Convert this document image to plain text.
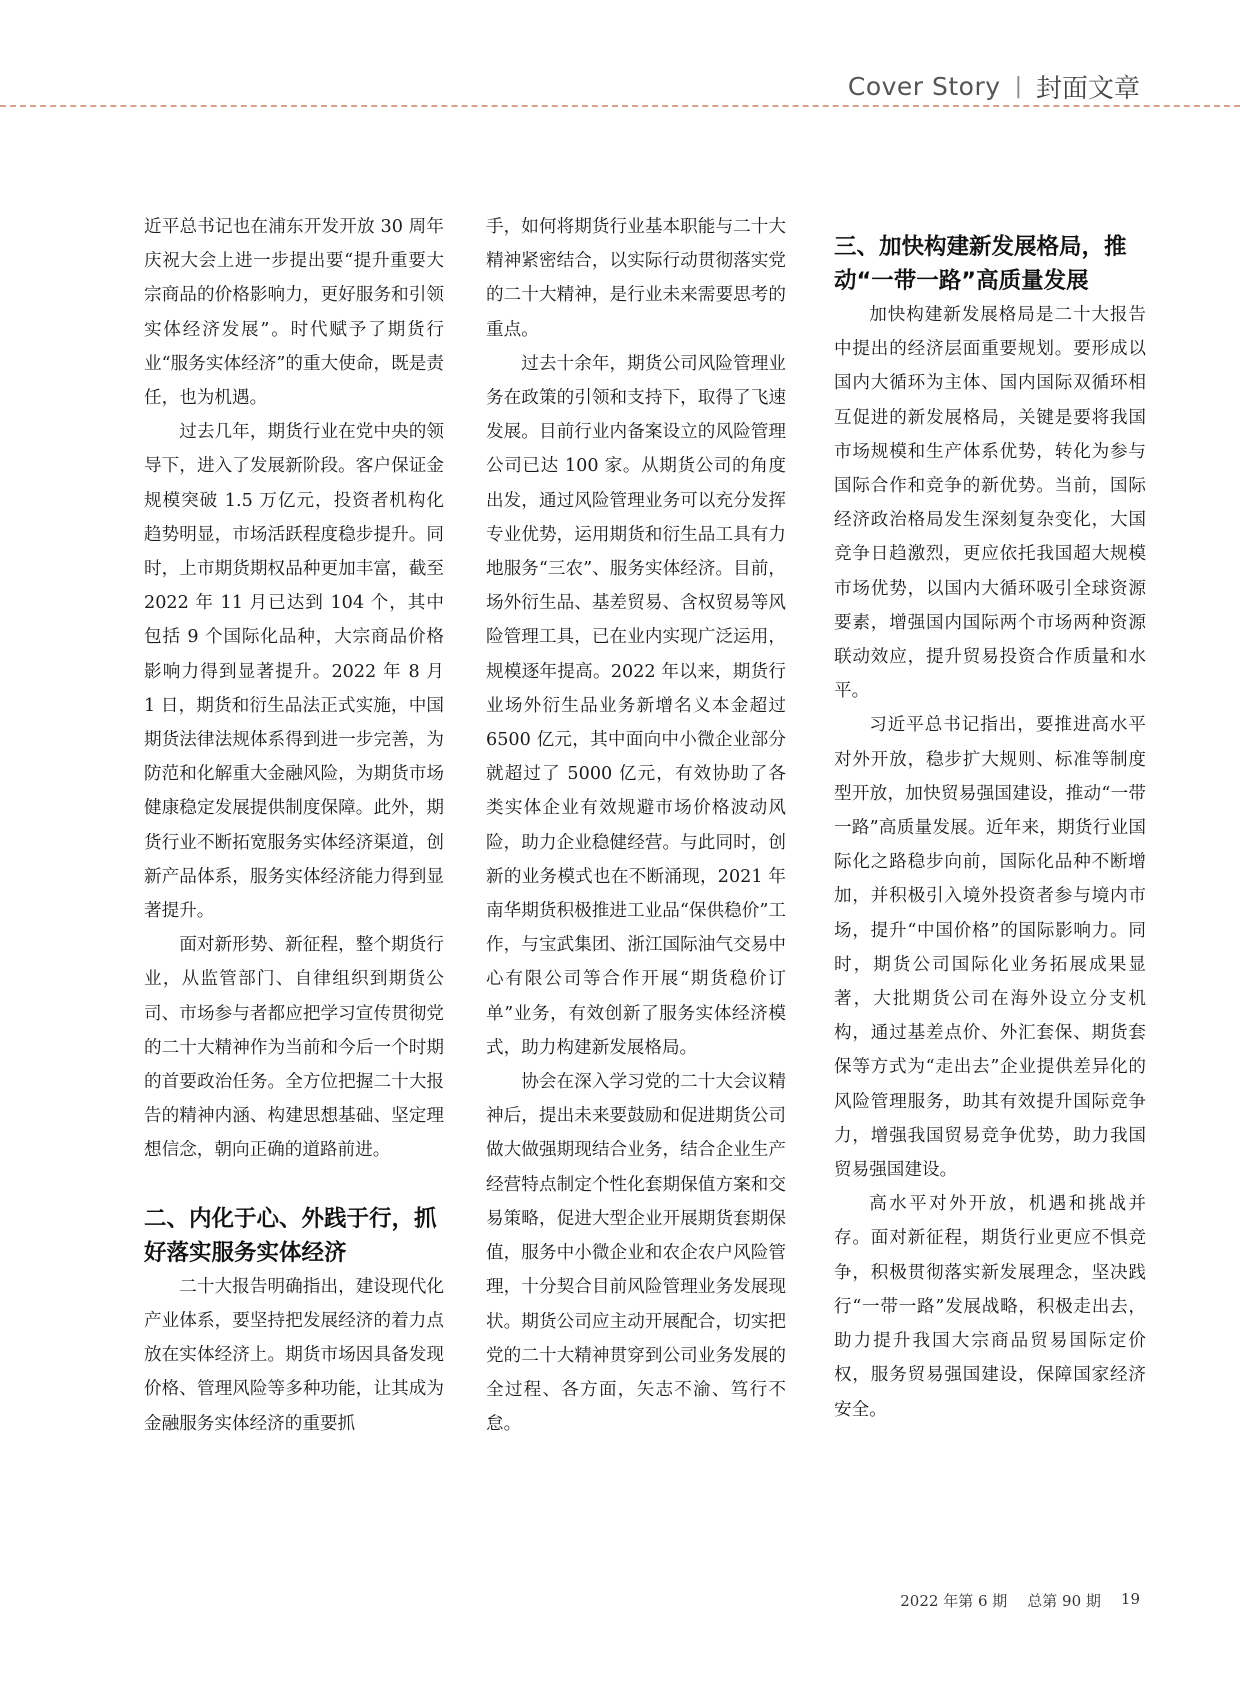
Cover Story | 封面文章

近平总书记也在浦东开发开放 30 周年庆祝大会上进一步提出要“提升重要大宗商品的价格影响力，更好服务和引领实体经济发展”。时代赋予了期货行业“服务实体经济”的重大使命，既是责任，也为机遇。

过去几年，期货行业在党中央的领导下，进入了发展新阶段。客户保证金规模突破 1.5 万亿元，投资者机构化趋势明显，市场活跃程度稳步提升。同时，上市期货期权品种更加丰富，截至 2022 年 11 月已达到 104 个，其中包括 9 个国际化品种，大宗商品价格影响力得到显著提升。2022 年 8 月 1 日，期货和衍生品法正式实施，中国期货法律法规体系得到进一步完善，为防范和化解重大金融风险，为期货市场健康稳定发展提供制度保障。此外，期货行业不断拓宽服务实体经济渠道，创新产品体系，服务实体经济能力得到显著提升。

面对新形势、新征程，整个期货行业，从监管部门、自律组织到期货公司、市场参与者都应把学习宣传贯彻党的二十大精神作为当前和今后一个时期的首要政治任务。全方位把握二十大报告的精神内涵、构建思想基础、坚定理想信念，朝向正确的道路前进。

二、内化于心、外践于行，抓好落实服务实体经济

二十大报告明确指出，建设现代化产业体系，要坚持把发展经济的着力点放在实体经济上。期货市场因具备发现价格、管理风险等多种功能，让其成为金融服务实体经济的重要抓

手，如何将期货行业基本职能与二十大精神紧密结合，以实际行动贯彻落实党的二十大精神，是行业未来需要思考的重点。

过去十余年，期货公司风险管理业务在政策的引领和支持下，取得了飞速发展。目前行业内备案设立的风险管理公司已达 100 家。从期货公司的角度出发，通过风险管理业务可以充分发挥专业优势，运用期货和衍生品工具有力地服务“三农”、服务实体经济。目前，场外衍生品、基差贸易、含权贸易等风险管理工具，已在业内实现广泛运用，规模逐年提高。2022 年以来，期货行业场外衍生品业务新增名义本金超过 6500 亿元，其中面向中小微企业部分就超过了 5000 亿元，有效协助了各类实体企业有效规避市场价格波动风险，助力企业稳健经营。与此同时，创新的业务模式也在不断涌现，2021 年南华期货积极推进工业品“保供稳价”工作，与宝武集团、浙江国际油气交易中心有限公司等合作开展“期货稳价订单”业务，有效创新了服务实体经济模式，助力构建新发展格局。

协会在深入学习党的二十大会议精神后，提出未来要鼓励和促进期货公司做大做强期现结合业务，结合企业生产经营特点制定个性化套期保值方案和交易策略，促进大型企业开展期货套期保值，服务中小微企业和农企农户风险管理，十分契合目前风险管理业务发展现状。期货公司应主动开展配合，切实把党的二十大精神贯穿到公司业务发展的全过程、各方面，矢志不渝、笃行不怠。

三、加快构建新发展格局，推动“一带一路”高质量发展

加快构建新发展格局是二十大报告中提出的经济层面重要规划。要形成以国内大循环为主体、国内国际双循环相互促进的新发展格局，关键是要将我国市场规模和生产体系优势，转化为参与国际合作和竞争的新优势。当前，国际经济政治格局发生深刻复杂变化，大国竞争日趋激烈，更应依托我国超大规模市场优势，以国内大循环吸引全球资源要素，增强国内国际两个市场两种资源联动效应，提升贸易投资合作质量和水平。

习近平总书记指出，要推进高水平对外开放，稳步扩大规则、标准等制度型开放，加快贸易强国建设，推动“一带一路”高质量发展。近年来，期货行业国际化之路稳步向前，国际化品种不断增加，并积极引入境外投资者参与境内市场，提升“中国价格”的国际影响力。同时，期货公司国际化业务拓展成果显著，大批期货公司在海外设立分支机构，通过基差点价、外汇套保、期货套保等方式为“走出去”企业提供差异化的风险管理服务，助其有效提升国际竞争力，增强我国贸易竞争优势，助力我国贸易强国建设。

高水平对外开放，机遇和挑战并存。面对新征程，期货行业更应不惧竞争，积极贯彻落实新发展理念，坚决践行“一带一路”发展战略，积极走出去，助力提升我国大宗商品贸易国际定价权，服务贸易强国建设，保障国家经济安全。

2022 年第 6 期 总第 90 期 19
